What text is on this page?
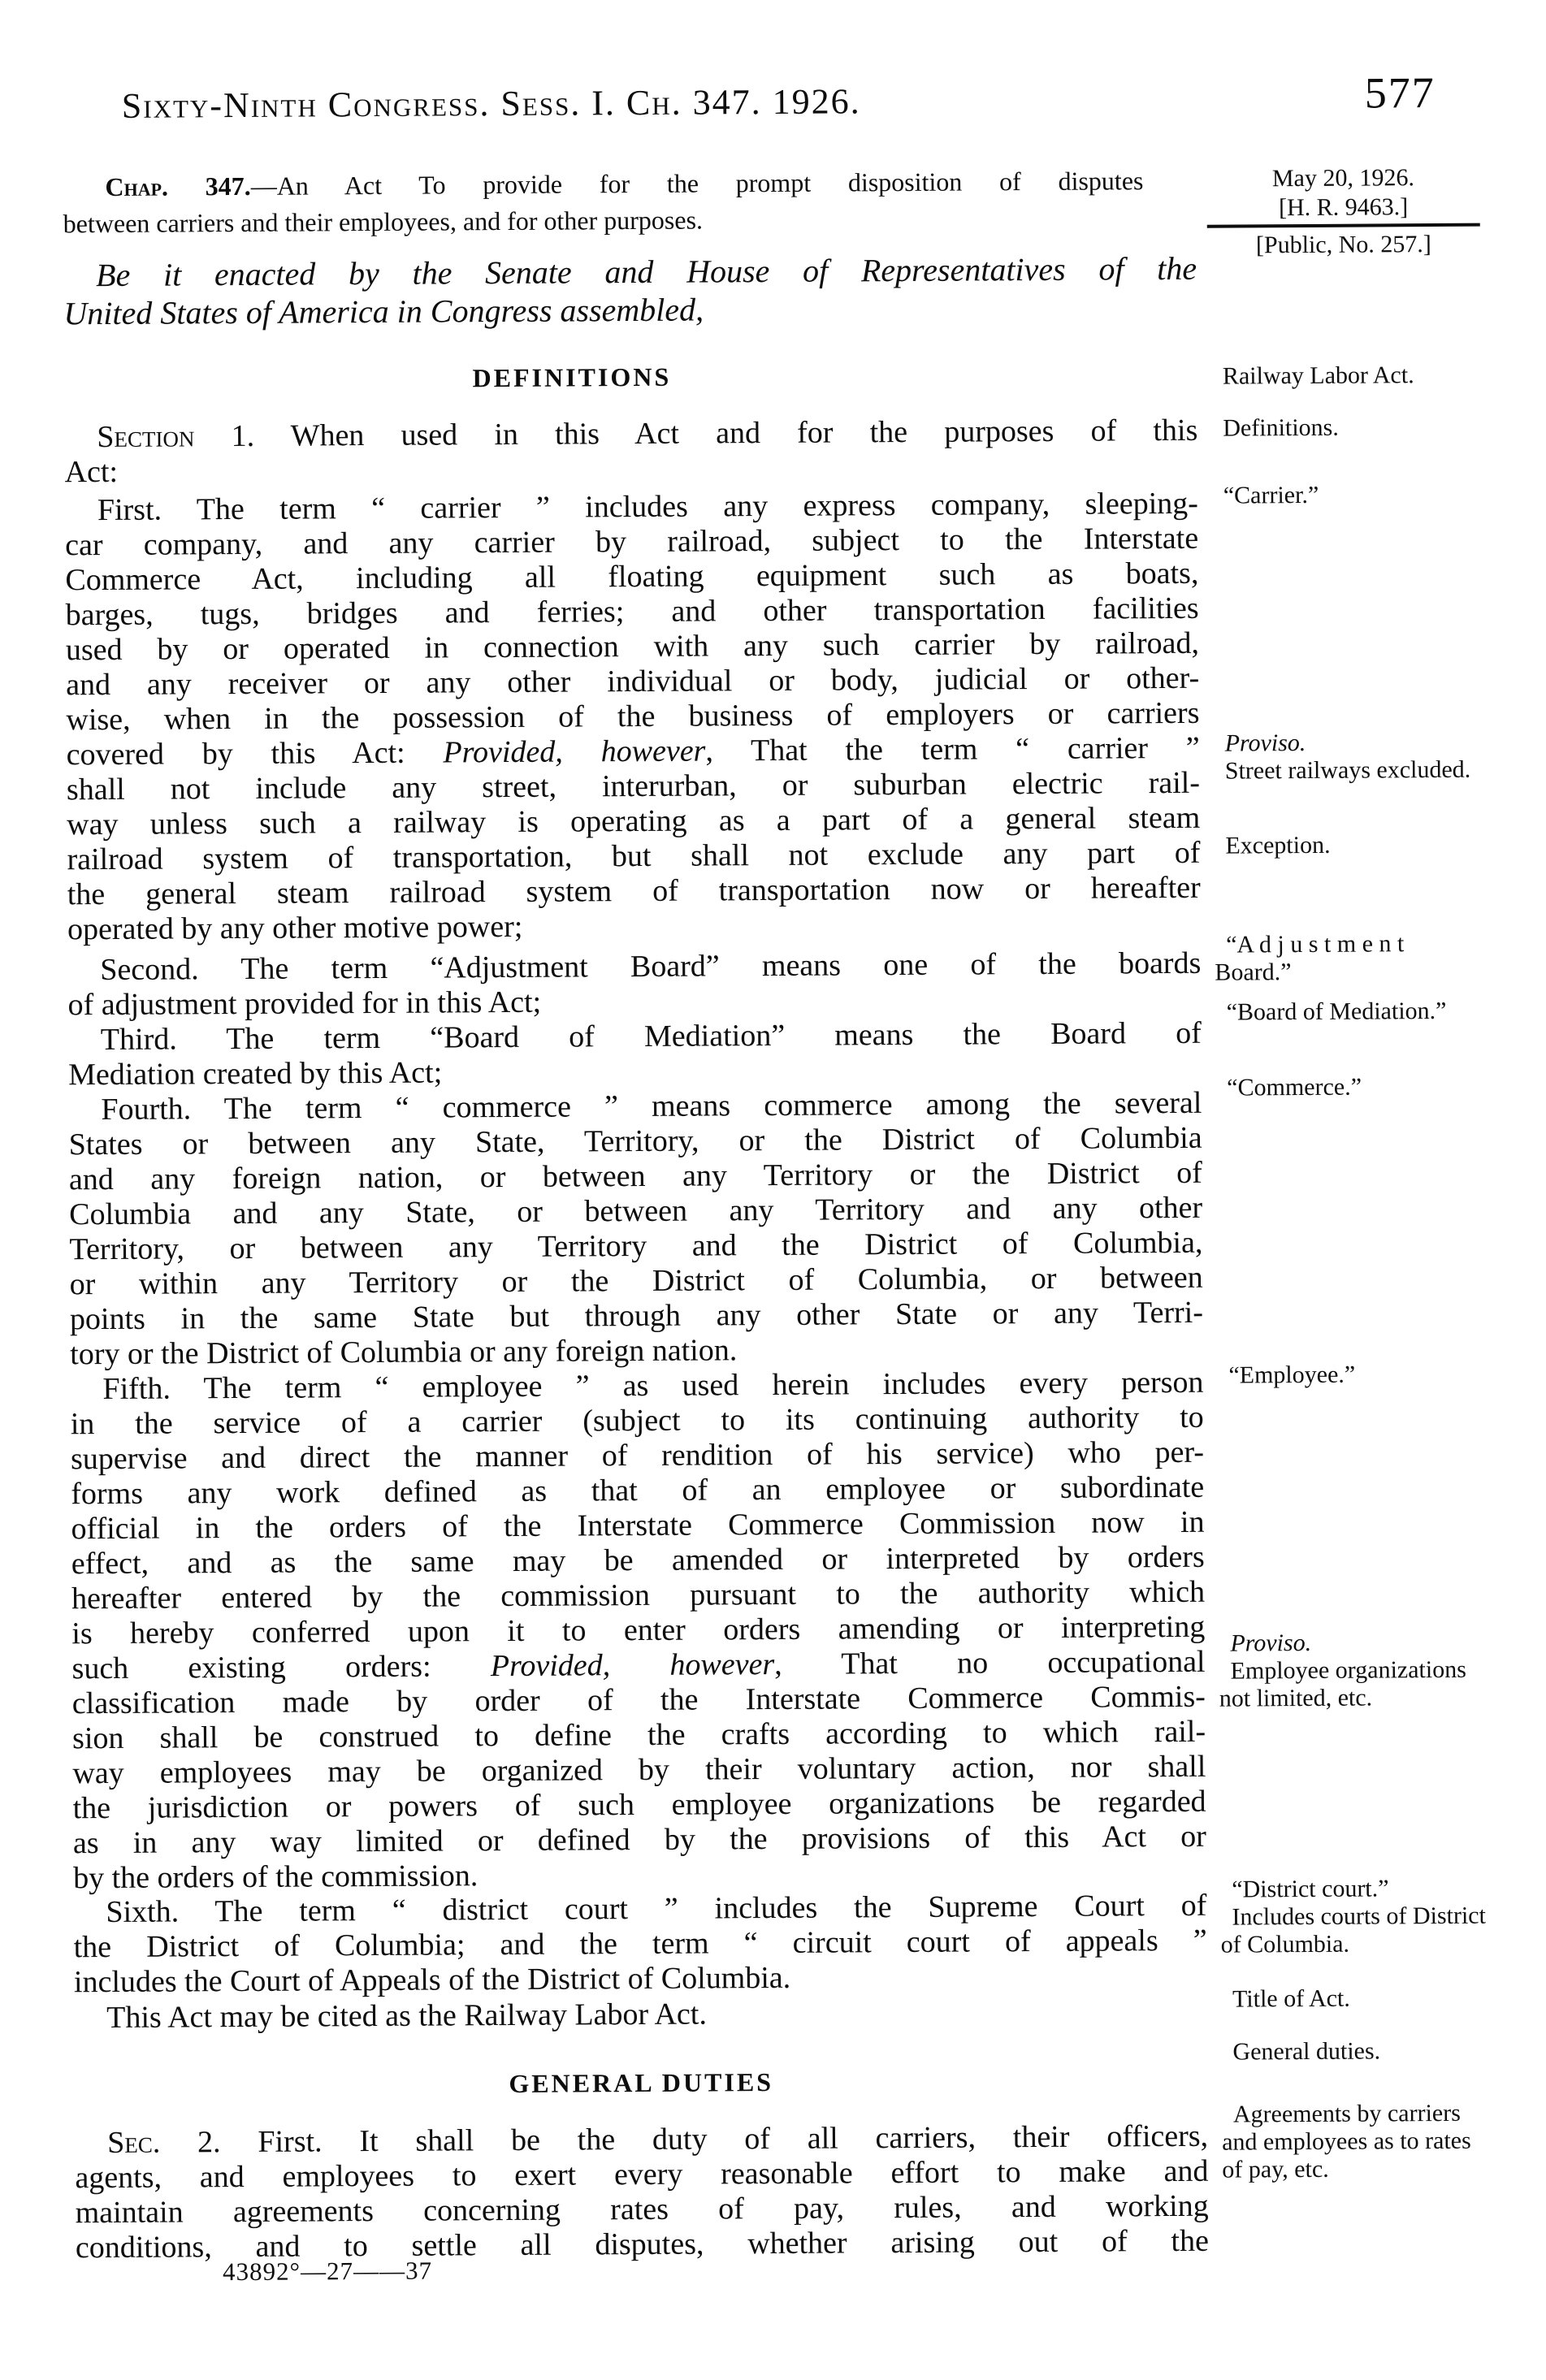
Sixty-Ninth Congress. Sess. I. Ch. 347. 1926.	577
Chap. 347.—An Act To provide for the prompt disposition of disputes
between carriers and their employees, and for other purposes.
May 20, 1926.
[H. R. 9463.]
[Public, No. 257.]
Be it enacted by the Senate and House of Representatives of the
United States of America in Congress assembled,
DEFINITIONS
Section 1. When used in this Act and for the purposes of this
Act:
First. The term “ carrier ” includes any express company, sleeping-
car company, and any carrier by railroad, subject to the Interstate
Commerce Act, including all floating equipment such as boats,
barges, tugs, bridges and ferries; and other transportation facilities
used by or operated in connection with any such carrier by railroad,
and any receiver or any other individual or body, judicial or other-
wise, when in the possession of the business of employers or carriers
covered by this Act: Provided, however, That the term “ carrier ”
shall not include any street, interurban, or suburban electric rail-
way unless such a railway is operating as a part of a general steam
railroad system of transportation, but shall not exclude any part of
the general steam railroad system of transportation now or hereafter
operated by any other motive power;
Second. The term “Adjustment Board” means one of the boards
of adjustment provided for in this Act;
Third. The term “Board of Mediation” means the Board of
Mediation created by this Act;
Fourth. The term “ commerce ” means commerce among the several
States or between any State, Territory, or the District of Columbia
and any foreign nation, or between any Territory or the District of
Columbia and any State, or between any Territory and any other
Territory, or between any Territory and the District of Columbia,
or within any Territory or the District of Columbia, or between
points in the same State but through any other State or any Terri-
tory or the District of Columbia or any foreign nation.
Fifth. The term “ employee ” as used herein includes every person
in the service of a carrier (subject to its continuing authority to
supervise and direct the manner of rendition of his service) who per-
forms any work defined as that of an employee or subordinate
official in the orders of the Interstate Commerce Commission now in
effect, and as the same may be amended or interpreted by orders
hereafter entered by the commission pursuant to the authority which
is hereby conferred upon it to enter orders amending or interpreting
such existing orders: Provided, however, That no occupational
classification made by order of the Interstate Commerce Commis-
sion shall be construed to define the crafts according to which rail-
way employees may be organized by their voluntary action, nor shall
the jurisdiction or powers of such employee organizations be regarded
as in any way limited or defined by the provisions of this Act or
by the orders of the commission.
Sixth. The term “ district court ” includes the Supreme Court of
the District of Columbia; and the term “ circuit court of appeals ”
includes the Court of Appeals of the District of Columbia.
This Act may be cited as the Railway Labor Act.
GENERAL DUTIES
Sec. 2. First. It shall be the duty of all carriers, their officers,
agents, and employees to exert every reasonable effort to make and
maintain agreements concerning rates of pay, rules, and working
conditions, and to settle all disputes, whether arising out of the
Railway Labor Act.
Definitions.
“Carrier.”
Proviso.
Street railways excluded.
Exception.
“A d j u s t m e n t Board.”
“Board of Mediation.”
“Commerce.”
“Employee.”
Proviso.
Employee organizations not limited, etc.
“District court.”
Includes courts of District of Columbia.
Title of Act.
General duties.
Agreements by carriers and employees as to rates of pay, etc.
43892°—27——37
